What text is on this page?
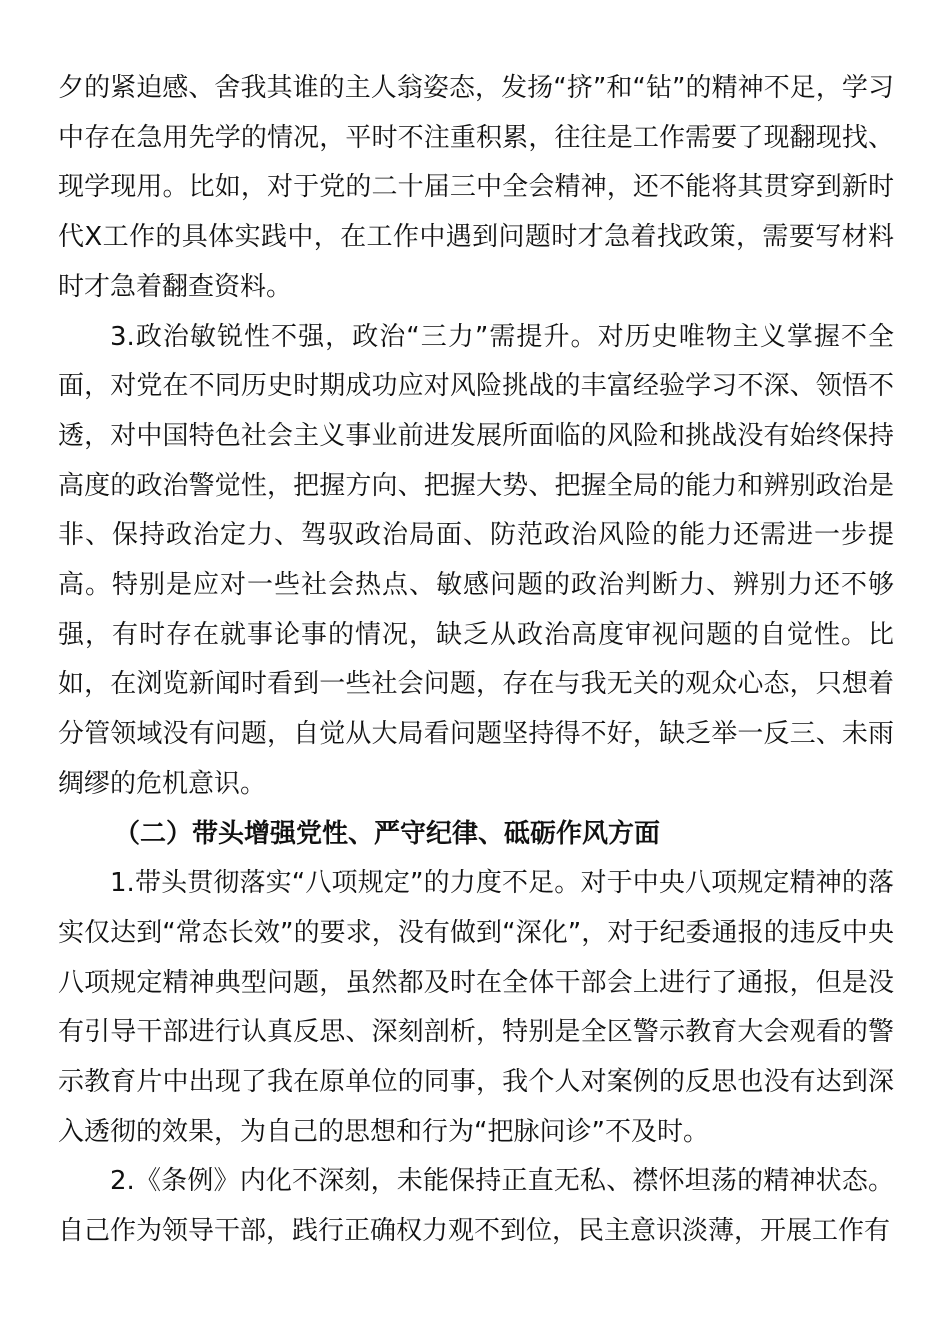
夕的紧迫感、舍我其谁的主人翁姿态，发扬“挤”和“钻”的精神不足，学习中存在急用先学的情况，平时不注重积累，往往是工作需要了现翻现找、现学现用。比如，对于党的二十届三中全会精神，还不能将其贯穿到新时代X工作的具体实践中，在工作中遇到问题时才急着找政策，需要写材料时才急着翻查资料。

3.政治敏锐性不强，政治“三力”需提升。对历史唯物主义掌握不全面，对党在不同历史时期成功应对风险挑战的丰富经验学习不深、领悟不透，对中国特色社会主义事业前进发展所面临的风险和挑战没有始终保持高度的政治警觉性，把握方向、把握大势、把握全局的能力和辨别政治是非、保持政治定力、驾驭政治局面、防范政治风险的能力还需进一步提高。特别是应对一些社会热点、敏感问题的政治判断力、辨别力还不够强，有时存在就事论事的情况，缺乏从政治高度审视问题的自觉性。比如，在浏览新闻时看到一些社会问题，存在与我无关的观众心态，只想着分管领域没有问题，自觉从大局看问题坚持得不好，缺乏举一反三、未雨绸缪的危机意识。

（二）带头增强党性、严守纪律、砥砺作风方面

1.带头贯彻落实“八项规定”的力度不足。对于中央八项规定精神的落实仅达到“常态长效”的要求，没有做到“深化”，对于纪委通报的违反中央八项规定精神典型问题，虽然都及时在全体干部会上进行了通报，但是没有引导干部进行认真反思、深刻剖析，特别是全区警示教育大会观看的警示教育片中出现了我在原单位的同事，我个人对案例的反思也没有达到深入透彻的效果，为自己的思想和行为“把脉问诊”不及时。

2.《条例》内化不深刻，未能保持正直无私、襟怀坦荡的精神状态。自己作为领导干部，践行正确权力观不到位，民主意识淡薄，开展工作有
